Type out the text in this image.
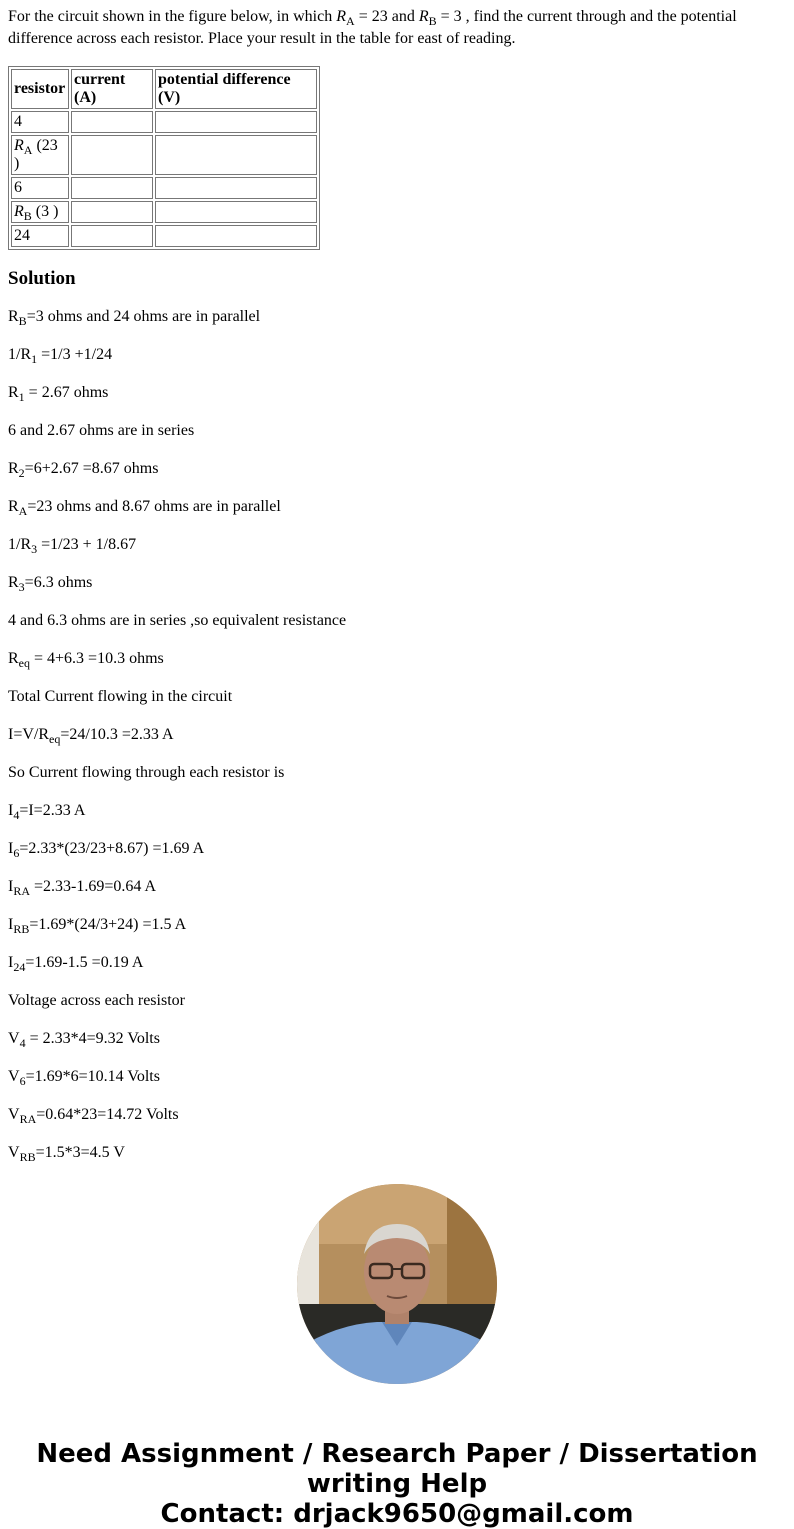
For the circuit shown in the figure below, in which $R_A = 23$ and $R_B = 3$ , find the current through and the potential difference across each resistor. Place your result in the table for east of reading.

resistor	current (A)	potential difference (V)
4		
$R_A$ (23 )		
6		
$R_B$ (3 )		
24		
Solution

$R_B=3$ ohms and 24 ohms are in parallel

$1/R_1 =1/3 +1/24$

$R_1 = 2.67$ ohms

6 and 2.67 ohms are in series

$R_2=6+2.67 =8.67$ ohms

$R_A=23$ ohms and 8.67 ohms are in parallel

$1/R_3 =1/23 + 1/8.67$

$R_3=6.3$ ohms

4 and 6.3 ohms are in series ,so equivalent resistance

$R_{eq} = 4+6.3 =10.3$ ohms

Total Current flowing in the circuit

$I=V/R_{eq}=24/10.3 =2.33$ A

So Current flowing through each resistor is

$I_4=I=2.33$ A

$I_6=2.33*(23/23+8.67) =1.69$ A

$I_{RA} =2.33-1.69=0.64$ A

$I_{RB}=1.69*(24/3+24) =1.5$ A

$I_{24}=1.69-1.5 =0.19$ A

Voltage across each resistor

$V_4 = 2.33*4=9.32$ Volts

$V_6=1.69*6=10.14$ Volts

$V_{RA}=0.64*23=14.72$ Volts

$V_{RB}=1.5*3=4.5$ V

Need Assignment / Research Paper / Dissertation writing Help
Contact: drjack9650@gmail.com
